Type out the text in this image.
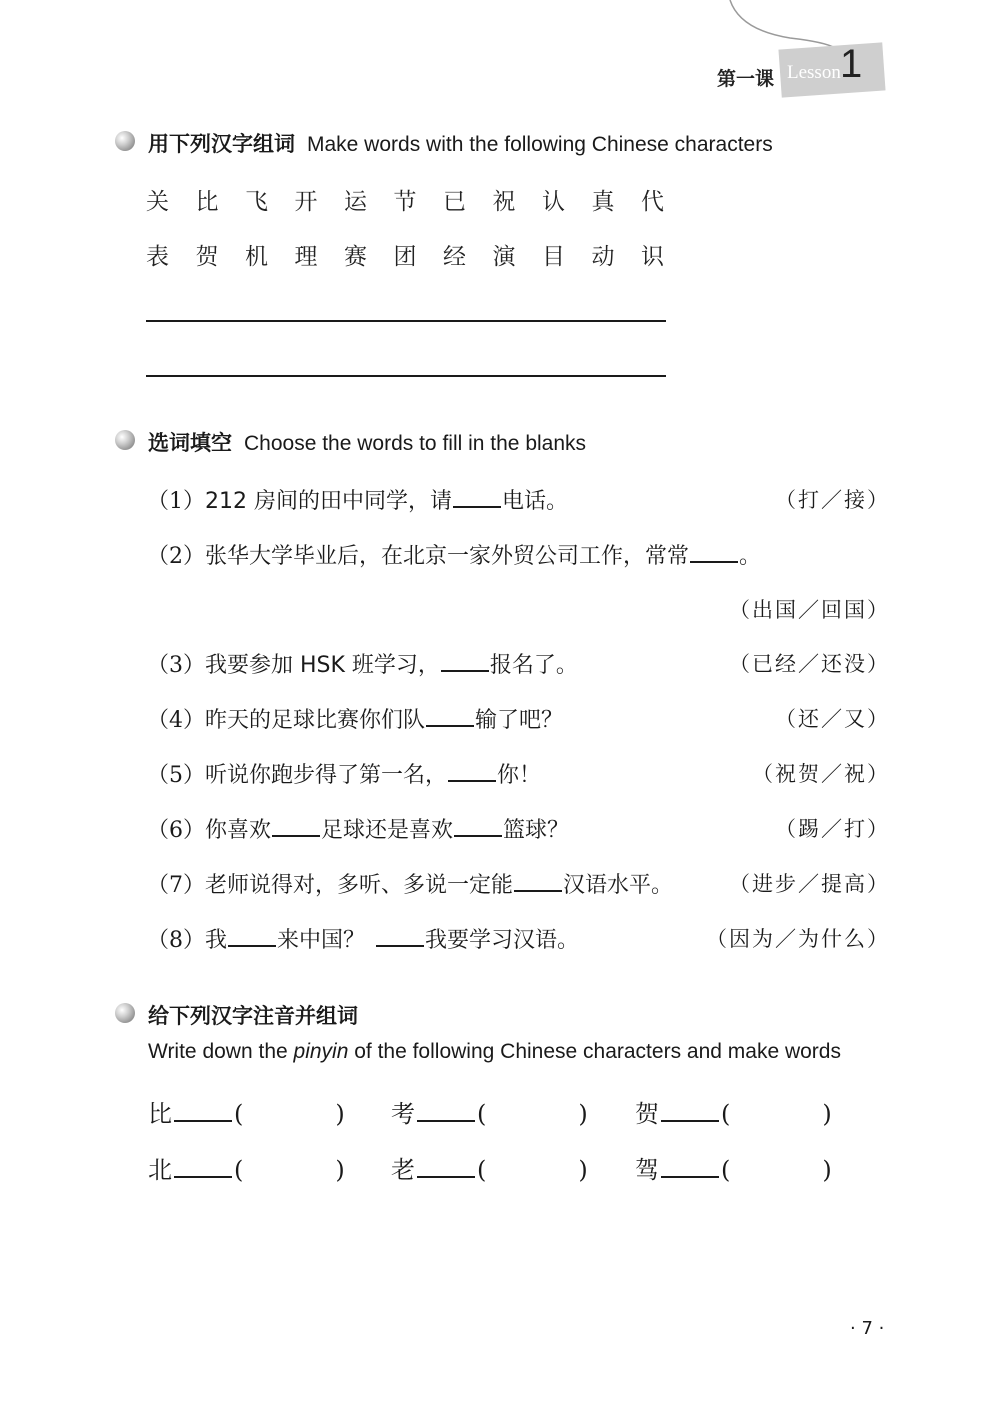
第一课 Lesson 1
用下列汉字组词 Make words with the following Chinese characters
关	比	飞	开	运	节	已	祝	认	真	代
表	贺	机	理	赛	团	经	演	目	动	识
选词填空 Choose the words to fill in the blanks
（1）212 房间的田中同学，请 电话。	（打／接）
（2）张华大学毕业后，在北京一家外贸公司工作，常常 。
（出国／回国）
（3）我要参加 HSK 班学习， 报名了。	（已经／还没）
（4）昨天的足球比赛你们队 输了吧？	（还／又）
（5）听说你跑步得了第一名， 你！	（祝贺／祝）
（6）你喜欢 足球还是喜欢 篮球？	（踢／打）
（7）老师说得对，多听、多说一定能 汉语水平。	（进步／提高）
（8）我 来中国？	我要学习汉语。	（因为／为什么）
给下列汉字注音并组词
Write down the pinyin of the following Chinese characters and make words
比	(	) 考	(	) 贺	(	)
北	(	) 老	(	) 驾	(	)
· 7 ·
